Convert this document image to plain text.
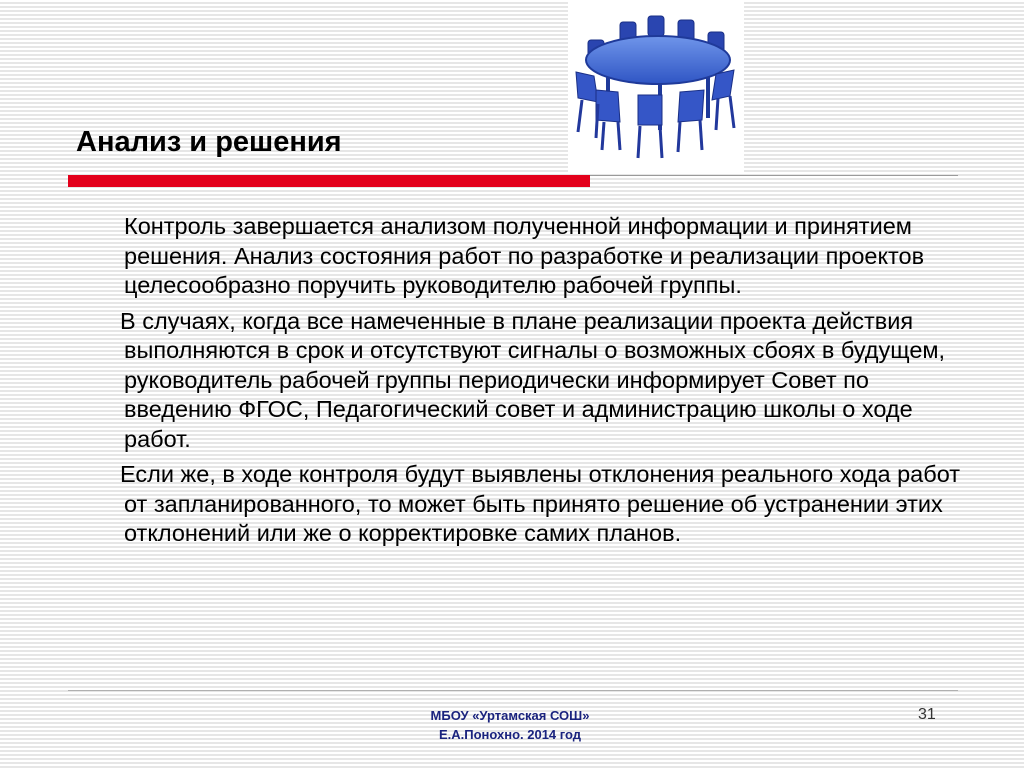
Анализ и решения

Контроль завершается анализом полученной информации и принятием решения. Анализ состояния работ по разработке и реализации проектов целесообразно поручить руководителю рабочей группы.

В случаях, когда все намеченные в плане реализации проекта действия выполняются в срок и отсутствуют сигналы о возможных сбоях в будущем, руководитель рабочей группы периодически информирует Совет по введению ФГОС, Педагогический совет и администрацию школы о ходе работ.

Если же, в ходе контроля будут выявлены отклонения реального хода работ от запланированного, то может быть принято решение об устранении этих отклонений или же о корректировке самих планов.

МБОУ «Уртамская СОШ»
Е.А.Понохно. 2014 год
31
